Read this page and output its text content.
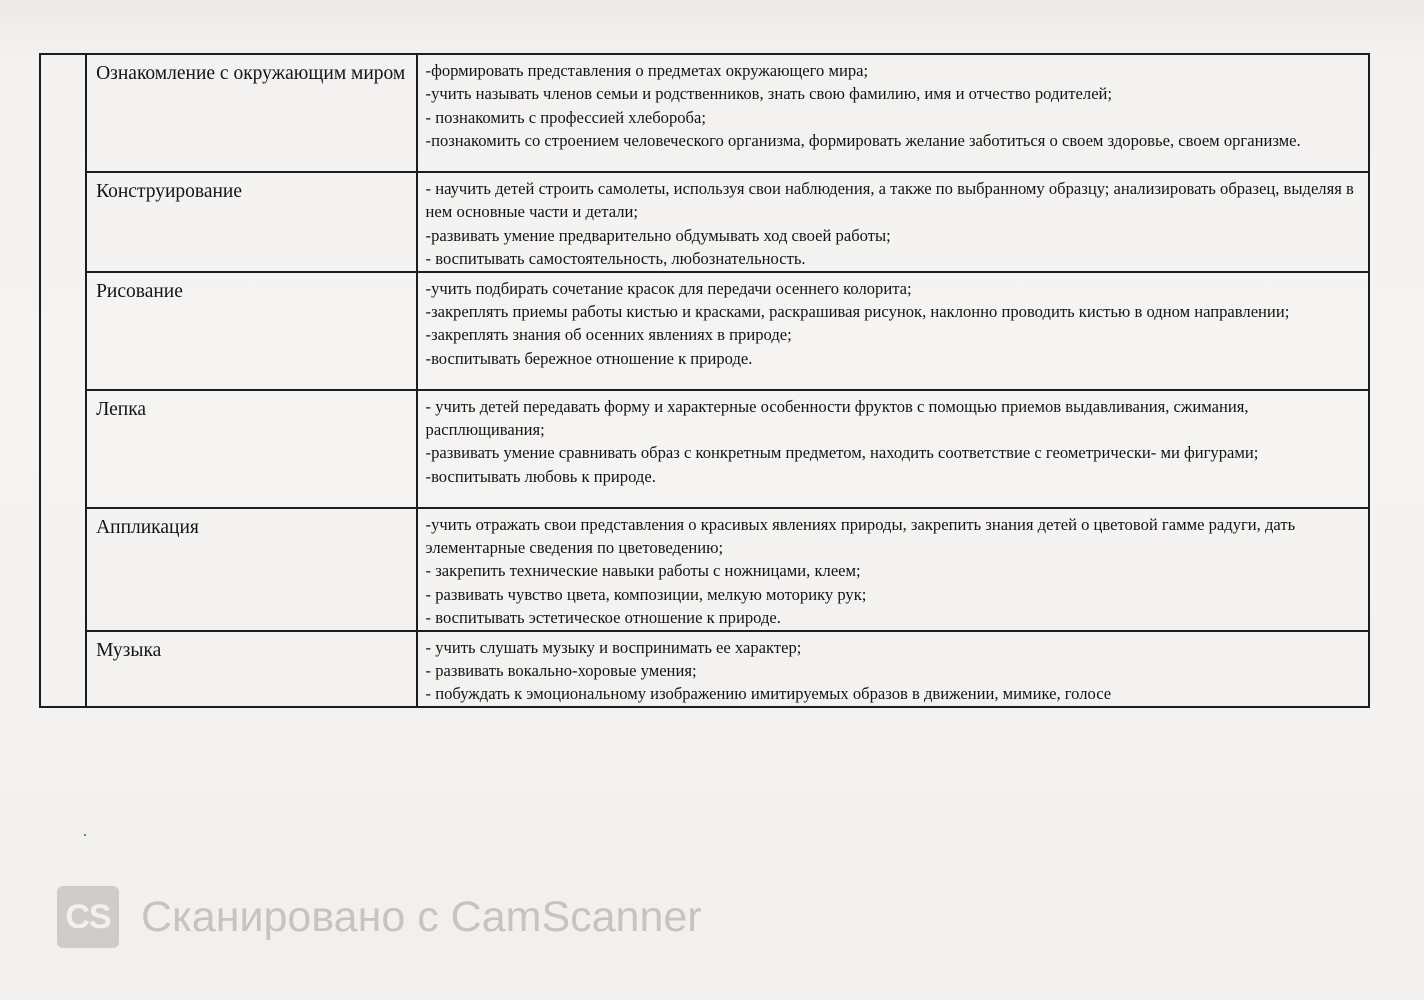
	Ознакомление с окружающим миром	-формировать представления о предметах окружающего мира;
-учить называть членов семьи и родственников, знать свою фамилию, имя и отчество родителей;
- познакомить с профессией хлебороба;
-познакомить со строением человеческого организма, формировать желание заботиться о своем здоровье, своем организме.

	Конструирование	- научить детей строить самолеты, используя свои наблюдения, а также по выбранному образцу; анализировать образец, выделяя в нем основные части и детали;
-развивать умение предварительно обдумывать ход своей работы;
- воспитывать самостоятельность, любознательность.

	Рисование	-учить подбирать сочетание красок для передачи осеннего колорита;
-закреплять приемы работы кистью и красками, раскрашивая рисунок, наклонно проводить кистью в одном направлении;
-закреплять знания об осенних явлениях в природе;
-воспитывать бережное отношение к природе.

	Лепка	- учить детей передавать форму и характерные особенности фруктов с помощью приемов выдавливания, сжимания, расплющивания;
-развивать умение сравнивать образ с конкретным предметом, находить соответствие с геометрически- ми фигурами;
-воспитывать любовь к природе.

	Аппликация	-учить отражать свои представления о красивых явлениях природы, закрепить знания детей о цветовой гамме радуги, дать элементарные сведения по цветоведению;
- закрепить технические навыки работы с ножницами, клеем;
- развивать чувство цвета, композиции, мелкую моторику рук;
- воспитывать эстетическое отношение к природе.

	Музыка	- учить слушать музыку и воспринимать ее характер;
- развивать вокально-хоровые умения;
- побуждать к эмоциональному изображению имитируемых образов в движении, мимике, голосе
CS Сканировано с CamScanner
